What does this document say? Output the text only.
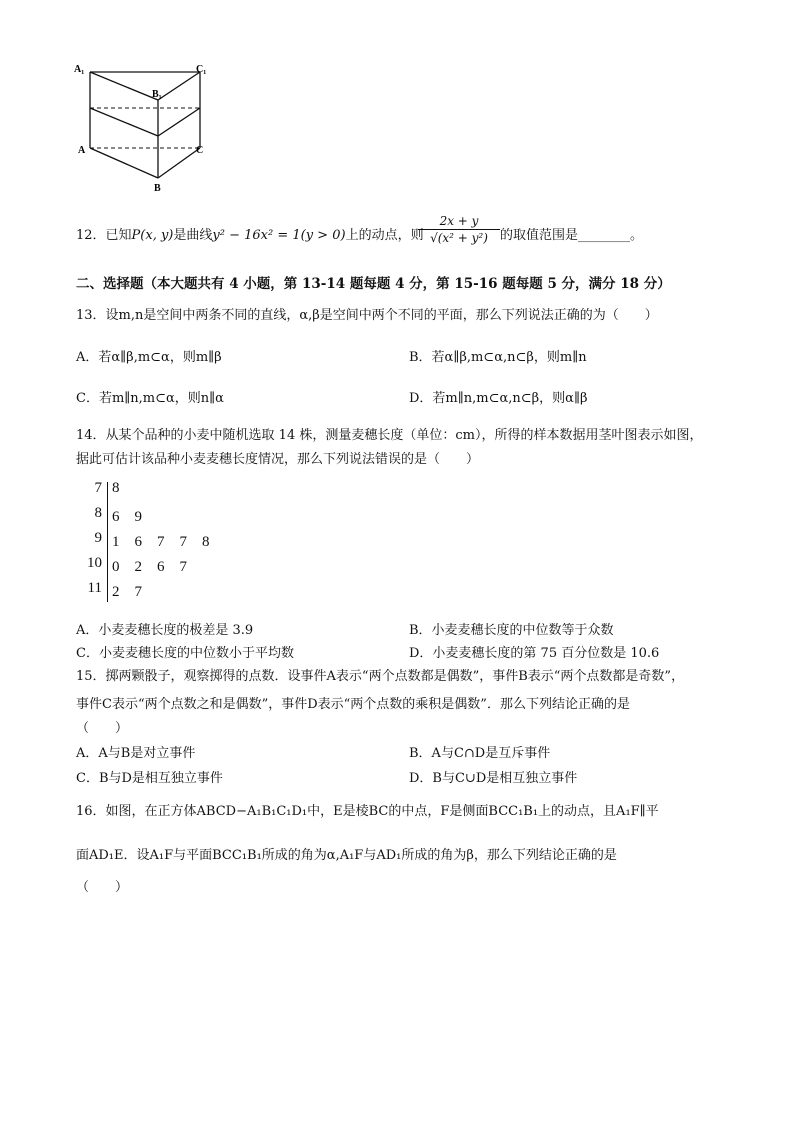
A₁	C₁
B₁
A	C
B
12．已知P(x, y)是曲线y² − 16x² = 1(y > 0)上的动点，则
$\frac{2x + y}{\text{√(x² + y²)}}$ 的取值范围是________。
二、选择题（本大题共有 4 小题，第 13-14 题每题 4 分，第 15-16 题每题 5 分，满分 18 分）
13．设m,n是空间中两条不同的直线，α,β是空间中两个不同的平面，那么下列说法正确的为（　　）
A．若α∥β,m⊂α，则m∥β	B．若α∥β,m⊂α,n⊂β，则m∥n
C．若m∥n,m⊂α，则n∥α	D．若m∥n,m⊂α,n⊂β，则α∥β
14．从某个品种的小麦中随机选取 14 株，测量麦穗长度（单位：cm），所得的样本数据用茎叶图表示如图，
据此可估计该品种小麦麦穗长度情况，那么下列说法错误的是（　　）
7 8
8 6　9
9 1　6　7　7　8
10 0　2　6　7
11 2　7
A．小麦麦穗长度的极差是 3.9	B．小麦麦穗长度的中位数等于众数
C．小麦麦穗长度的中位数小于平均数	D．小麦麦穗长度的第 75 百分位数是 10.6
15．掷两颗骰子，观察掷得的点数．设事件A表示“两个点数都是偶数”，事件B表示“两个点数都是奇数”，
事件C表示“两个点数之和是偶数”，事件D表示“两个点数的乘积是偶数”．那么下列结论正确的是
（　　）
A．A与B是对立事件	B．A与C∩D是互斥事件
C．B与D是相互独立事件	D．B与C∪D是相互独立事件
16．如图，在正方体ABCD−A₁B₁C₁D₁中，E是棱BC的中点，F是侧面BCC₁B₁上的动点，且A₁F∥平
面AD₁E．设A₁F与平面BCC₁B₁所成的角为α,A₁F与AD₁所成的角为β，那么下列结论正确的是
（　　）
